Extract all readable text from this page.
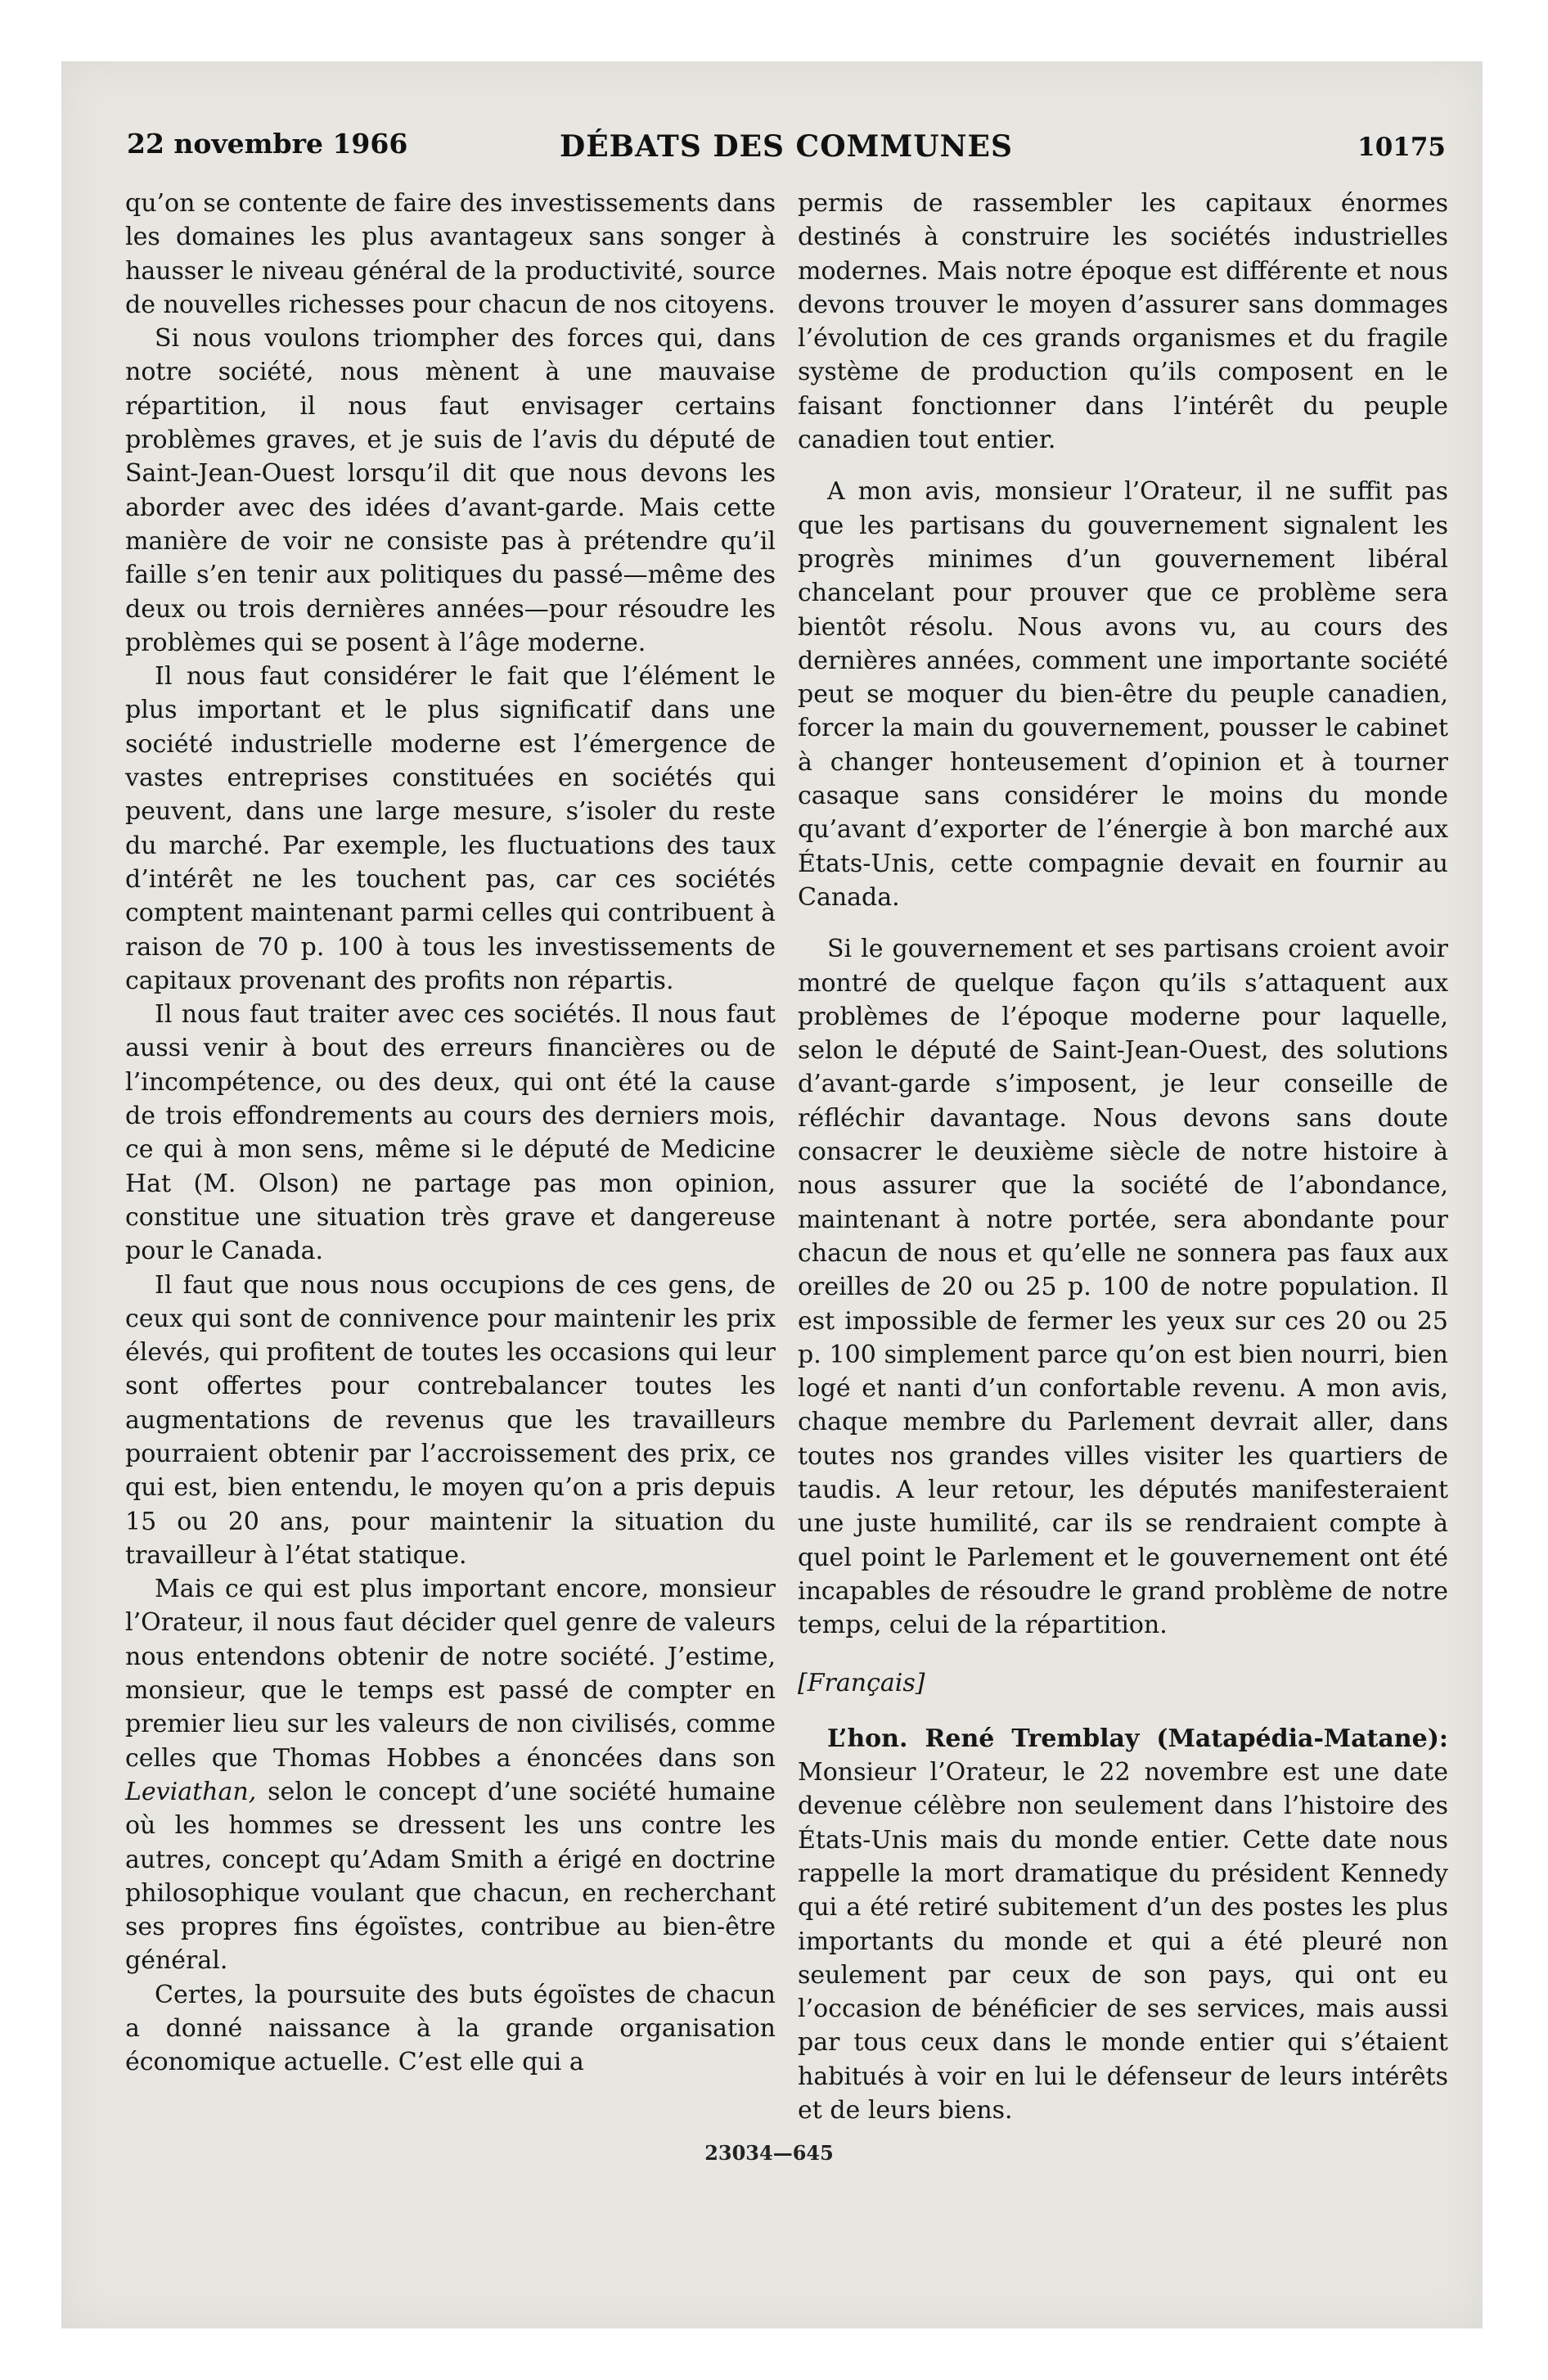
22 novembre 1966	DÉBATS DES COMMUNES	10175

qu’on se contente de faire des investissements dans les domaines les plus avantageux sans songer à hausser le niveau général de la productivité, source de nouvelles richesses pour chacun de nos citoyens.

Si nous voulons triompher des forces qui, dans notre société, nous mènent à une mauvaise répartition, il nous faut envisager certains problèmes graves, et je suis de l’avis du député de Saint-Jean-Ouest lorsqu’il dit que nous devons les aborder avec des idées d’avant-garde. Mais cette manière de voir ne consiste pas à prétendre qu’il faille s’en tenir aux politiques du passé—même des deux ou trois dernières années—pour résoudre les problèmes qui se posent à l’âge moderne.

Il nous faut considérer le fait que l’élément le plus important et le plus significatif dans une société industrielle moderne est l’émergence de vastes entreprises constituées en sociétés qui peuvent, dans une large mesure, s’isoler du reste du marché. Par exemple, les fluctuations des taux d’intérêt ne les touchent pas, car ces sociétés comptent maintenant parmi celles qui contribuent à raison de 70 p. 100 à tous les investissements de capitaux provenant des profits non répartis.

Il nous faut traiter avec ces sociétés. Il nous faut aussi venir à bout des erreurs financières ou de l’incompétence, ou des deux, qui ont été la cause de trois effondrements au cours des derniers mois, ce qui à mon sens, même si le député de Medicine Hat (M. Olson) ne partage pas mon opinion, constitue une situation très grave et dangereuse pour le Canada.

Il faut que nous nous occupions de ces gens, de ceux qui sont de connivence pour maintenir les prix élevés, qui profitent de toutes les occasions qui leur sont offertes pour contrebalancer toutes les augmentations de revenus que les travailleurs pourraient obtenir par l’accroissement des prix, ce qui est, bien entendu, le moyen qu’on a pris depuis 15 ou 20 ans, pour maintenir la situation du travailleur à l’état statique.

Mais ce qui est plus important encore, monsieur l’Orateur, il nous faut décider quel genre de valeurs nous entendons obtenir de notre société. J’estime, monsieur, que le temps est passé de compter en premier lieu sur les valeurs de non civilisés, comme celles que Thomas Hobbes a énoncées dans son Leviathan, selon le concept d’une société humaine où les hommes se dressent les uns contre les autres, concept qu’Adam Smith a érigé en doctrine philosophique voulant que chacun, en recherchant ses propres fins égoïstes, contribue au bien-être général.

Certes, la poursuite des buts égoïstes de chacun a donné naissance à la grande organisation économique actuelle. C’est elle qui a

permis de rassembler les capitaux énormes destinés à construire les sociétés industrielles modernes. Mais notre époque est différente et nous devons trouver le moyen d’assurer sans dommages l’évolution de ces grands organismes et du fragile système de production qu’ils composent en le faisant fonctionner dans l’intérêt du peuple canadien tout entier.

A mon avis, monsieur l’Orateur, il ne suffit pas que les partisans du gouvernement signalent les progrès minimes d’un gouvernement libéral chancelant pour prouver que ce problème sera bientôt résolu. Nous avons vu, au cours des dernières années, comment une importante société peut se moquer du bien-être du peuple canadien, forcer la main du gouvernement, pousser le cabinet à changer honteusement d’opinion et à tourner casaque sans considérer le moins du monde qu’avant d’exporter de l’énergie à bon marché aux États-Unis, cette compagnie devait en fournir au Canada.

Si le gouvernement et ses partisans croient avoir montré de quelque façon qu’ils s’attaquent aux problèmes de l’époque moderne pour laquelle, selon le député de Saint-Jean-Ouest, des solutions d’avant-garde s’imposent, je leur conseille de réfléchir davantage. Nous devons sans doute consacrer le deuxième siècle de notre histoire à nous assurer que la société de l’abondance, maintenant à notre portée, sera abondante pour chacun de nous et qu’elle ne sonnera pas faux aux oreilles de 20 ou 25 p. 100 de notre population. Il est impossible de fermer les yeux sur ces 20 ou 25 p. 100 simplement parce qu’on est bien nourri, bien logé et nanti d’un confortable revenu. A mon avis, chaque membre du Parlement devrait aller, dans toutes nos grandes villes visiter les quartiers de taudis. A leur retour, les députés manifesteraient une juste humilité, car ils se rendraient compte à quel point le Parlement et le gouvernement ont été incapables de résoudre le grand problème de notre temps, celui de la répartition.

[Français]

L’hon. René Tremblay (Matapédia-Matane): Monsieur l’Orateur, le 22 novembre est une date devenue célèbre non seulement dans l’histoire des États-Unis mais du monde entier. Cette date nous rappelle la mort dramatique du président Kennedy qui a été retiré subitement d’un des postes les plus importants du monde et qui a été pleuré non seulement par ceux de son pays, qui ont eu l’occasion de bénéficier de ses services, mais aussi par tous ceux dans le monde entier qui s’étaient habitués à voir en lui le défenseur de leurs intérêts et de leurs biens.

23034—645
